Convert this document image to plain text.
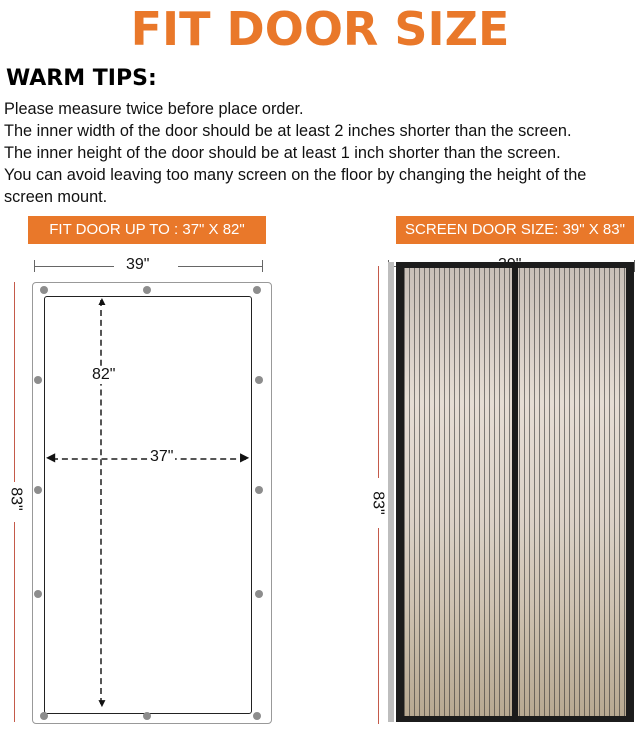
FIT DOOR SIZE
WARM TIPS:
Please measure twice before place order.
The inner width of the door should be at least 2 inches shorter than the screen.
The inner height of the door should be at least 1 inch shorter than the screen.
You can avoid leaving too many screen on the floor by changing the height of the
screen mount.
FIT DOOR UP TO : 37" X 82"
39"
83"
▲
▼
82"
◀	▶
37"
SCREEN DOOR SIZE: 39" X 83"
83"
